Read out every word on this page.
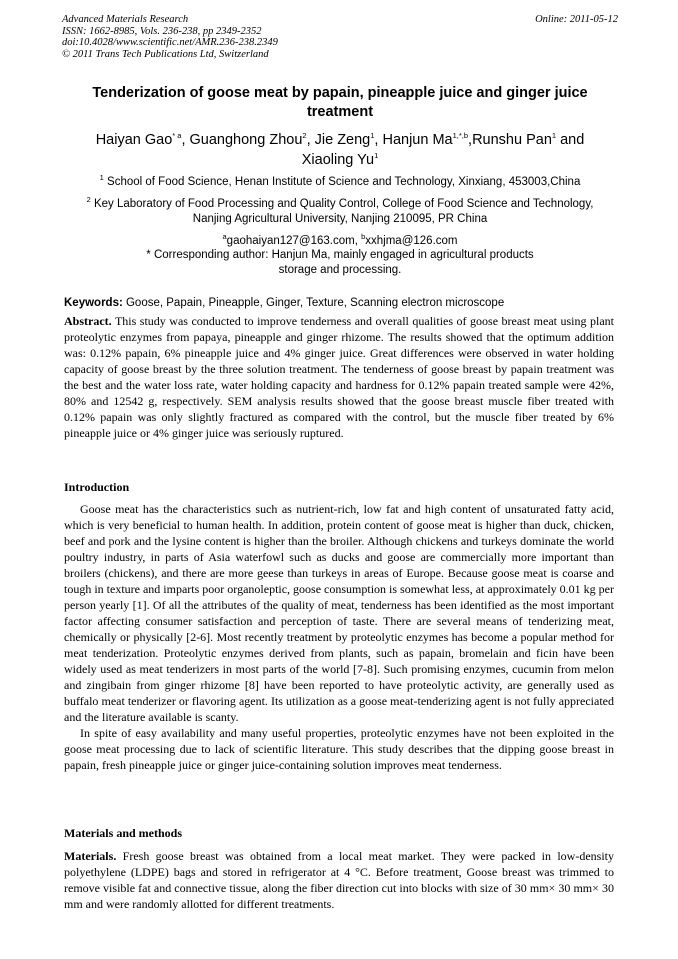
Advanced Materials Research
ISSN: 1662-8985, Vols. 236-238, pp 2349-2352
doi:10.4028/www.scientific.net/AMR.236-238.2349
© 2011 Trans Tech Publications Ltd, Switzerland
Online: 2011-05-12
Tenderization of goose meat by papain, pineapple juice and ginger juice treatment
Haiyan Gao$^{* a}$, Guanghong Zhou$^2$, Jie Zeng$^1$, Hanjun $Ma^{1,*,b},Runshu$ Pan$^1$ and
Xiaoling Yu$^1$
$^1$ School of Food Science, Henan Institute of Science and Technology, Xinxiang, 453003,China
$^2$ Key Laboratory of Food Processing and Quality Control, College of Food Science and Technology, Nanjing Agricultural University, Nanjing 210095, PR China
$^a$gaohaiyan127@163.com, $^b$xxhjma@126.com
* Corresponding author: Hanjun Ma, mainly engaged in agricultural products storage and processing.
Keywords: Goose, Papain, Pineapple, Ginger, Texture, Scanning electron microscope
Abstract. This study was conducted to improve tenderness and overall qualities of goose breast meat using plant proteolytic enzymes from papaya, pineapple and ginger rhizome. The results showed that the optimum addition was: 0.12% papain, 6% pineapple juice and 4% ginger juice. Great differences were observed in water holding capacity of goose breast by the three solution treatment. The tenderness of goose breast by papain treatment was the best and the water loss rate, water holding capacity and hardness for 0.12% papain treated sample were 42%, 80% and 12542 g, respectively. SEM analysis results showed that the goose breast muscle fiber treated with 0.12% papain was only slightly fractured as compared with the control, but the muscle fiber treated by 6% pineapple juice or 4% ginger juice was seriously ruptured.
Introduction

Goose meat has the characteristics such as nutrient-rich, low fat and high content of unsaturated fatty acid, which is very beneficial to human health. In addition, protein content of goose meat is higher than duck, chicken, beef and pork and the lysine content is higher than the broiler. Although chickens and turkeys dominate the world poultry industry, in parts of Asia waterfowl such as ducks and goose are commercially more important than broilers (chickens), and there are more geese than turkeys in areas of Europe. Because goose meat is coarse and tough in texture and imparts poor organoleptic, goose consumption is somewhat less, at approximately 0.01 kg per person yearly [1]. Of all the attributes of the quality of meat, tenderness has been identified as the most important factor affecting consumer satisfaction and perception of taste. There are several means of tenderizing meat, chemically or physically [2-6]. Most recently treatment by proteolytic enzymes has become a popular method for meat tenderization. Proteolytic enzymes derived from plants, such as papain, bromelain and ficin have been widely used as meat tenderizers in most parts of the world [7-8]. Such promising enzymes, cucumin from melon and zingibain from ginger rhizome [8] have been reported to have proteolytic activity, are generally used as buffalo meat tenderizer or flavoring agent. Its utilization as a goose meat-tenderizing agent is not fully appreciated and the literature available is scanty.

In spite of easy availability and many useful properties, proteolytic enzymes have not been exploited in the goose meat processing due to lack of scientific literature. This study describes that the dipping goose breast in papain, fresh pineapple juice or ginger juice-containing solution improves meat tenderness.

Materials and methods
Materials. Fresh goose breast was obtained from a local meat market. They were packed in low-density polyethylene (LDPE) bags and stored in refrigerator at 4 °C. Before treatment, Goose breast was trimmed to remove visible fat and connective tissue, along the fiber direction cut into blocks with size of 30 mm× 30 mm× 30 mm and were randomly allotted for different treatments.
